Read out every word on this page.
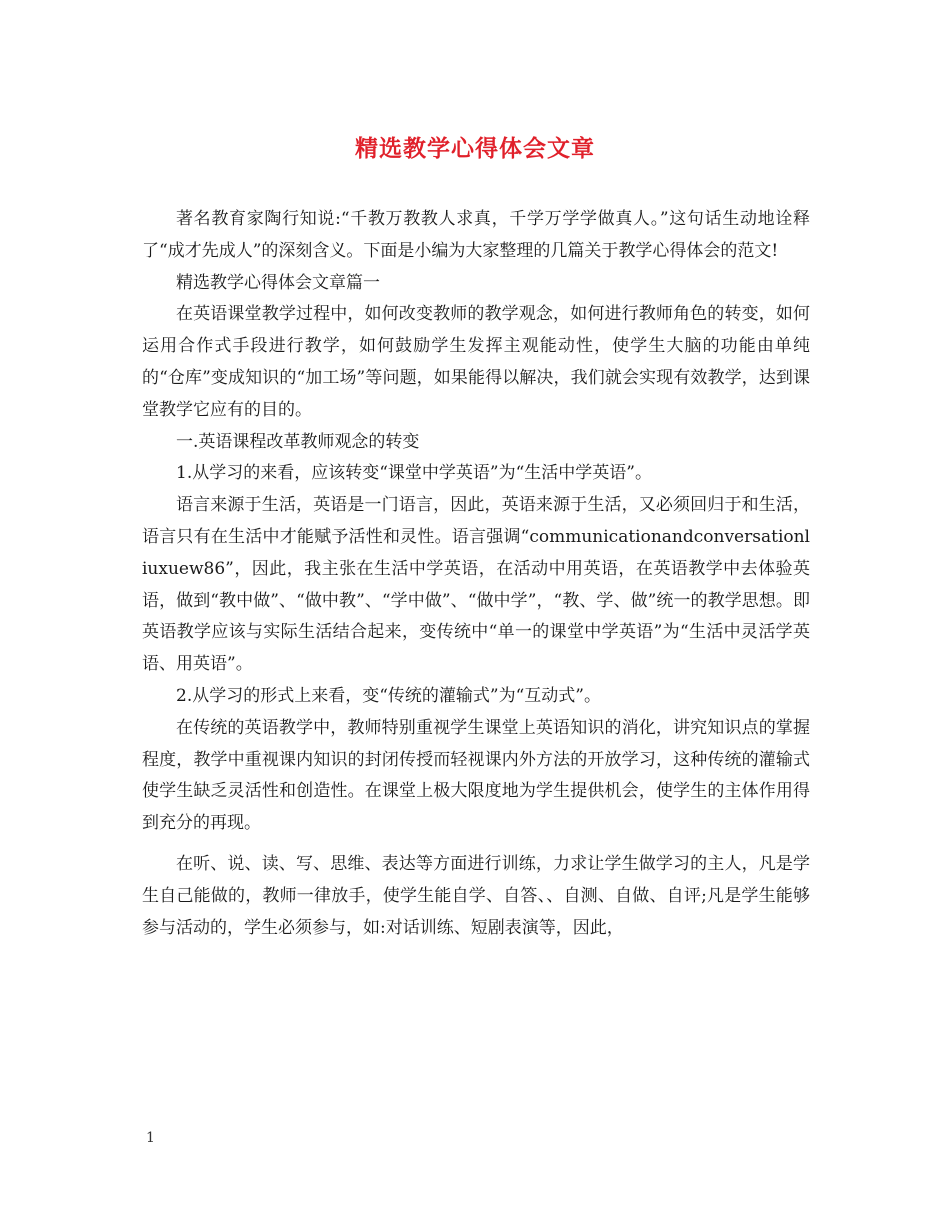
精选教学心得体会文章

著名教育家陶行知说:“千教万教教人求真，千学万学学做真人。”这句话生动地诠释了“成才先成人”的深刻含义。下面是小编为大家整理的几篇关于教学心得体会的范文!

精选教学心得体会文章篇一

在英语课堂教学过程中，如何改变教师的教学观念，如何进行教师角色的转变，如何运用合作式手段进行教学，如何鼓励学生发挥主观能动性，使学生大脑的功能由单纯的“仓库”变成知识的“加工场”等问题，如果能得以解决，我们就会实现有效教学，达到课堂教学它应有的目的。

一.英语课程改革教师观念的转变

1.从学习的来看，应该转变“课堂中学英语”为“生活中学英语”。

语言来源于生活，英语是一门语言，因此，英语来源于生活，又必须回归于和生活，语言只有在生活中才能赋予活性和灵性。语言强调“communicationandconversationliuxuew86”，因此，我主张在生活中学英语，在活动中用英语，在英语教学中去体验英语，做到“教中做”、“做中教”、“学中做”、“做中学”，“教、学、做”统一的教学思想。即英语教学应该与实际生活结合起来，变传统中“单一的课堂中学英语”为“生活中灵活学英语、用英语”。

2.从学习的形式上来看，变“传统的灌输式”为“互动式”。

在传统的英语教学中，教师特别重视学生课堂上英语知识的消化，讲究知识点的掌握程度，教学中重视课内知识的封闭传授而轻视课内外方法的开放学习，这种传统的灌输式使学生缺乏灵活性和创造性。在课堂上极大限度地为学生提供机会，使学生的主体作用得到充分的再现。

在听、说、读、写、思维、表达等方面进行训练，力求让学生做学习的主人，凡是学生自己能做的，教师一律放手，使学生能自学、自答、、自测、自做、自评;凡是学生能够参与活动的，学生必须参与，如:对话训练、短剧表演等，因此，

1
